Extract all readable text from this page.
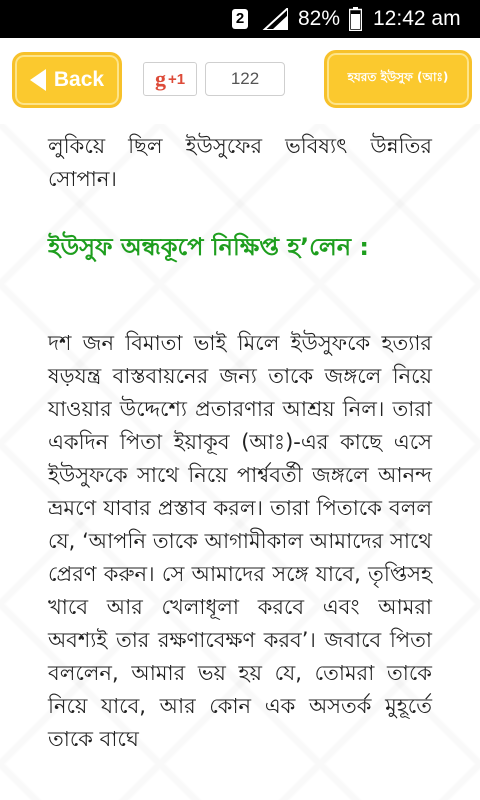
2	82% 12:42 am
Back g +1	122	হযরত ইউসুফ (আঃ)
লুকিয়ে ছিল ইউসুফের ভবিষ্যৎ উন্নতির সোপান।
ইউসুফ অন্ধকূপে নিক্ষিপ্ত হ’লেন :
দশ জন বিমাতা ভাই মিলে ইউসুফকে হত্যার ষড়যন্ত্র বাস্তবায়নের জন্য তাকে জঙ্গলে নিয়ে যাওয়ার উদ্দেশ্যে প্রতারণার আশ্রয় নিল। তারা একদিন পিতা ইয়াকূব (আঃ)-এর কাছে এসে ইউসুফকে সাথে নিয়ে পার্শ্ববর্তী জঙ্গলে আনন্দ ভ্রমণে যাবার প্রস্তাব করল। তারা পিতাকে বলল যে, ‘আপনি তাকে আগামীকাল আমাদের সাথে প্রেরণ করুন। সে আমাদের সঙ্গে যাবে, তৃপ্তিসহ খাবে আর খেলাধূলা করবে এবং আমরা অবশ্যই তার রক্ষণাবেক্ষণ করব’। জবাবে পিতা বললেন, আমার ভয় হয় যে, তোমরা তাকে নিয়ে যাবে, আর কোন এক অসতর্ক মুহূর্তে তাকে বাঘে
